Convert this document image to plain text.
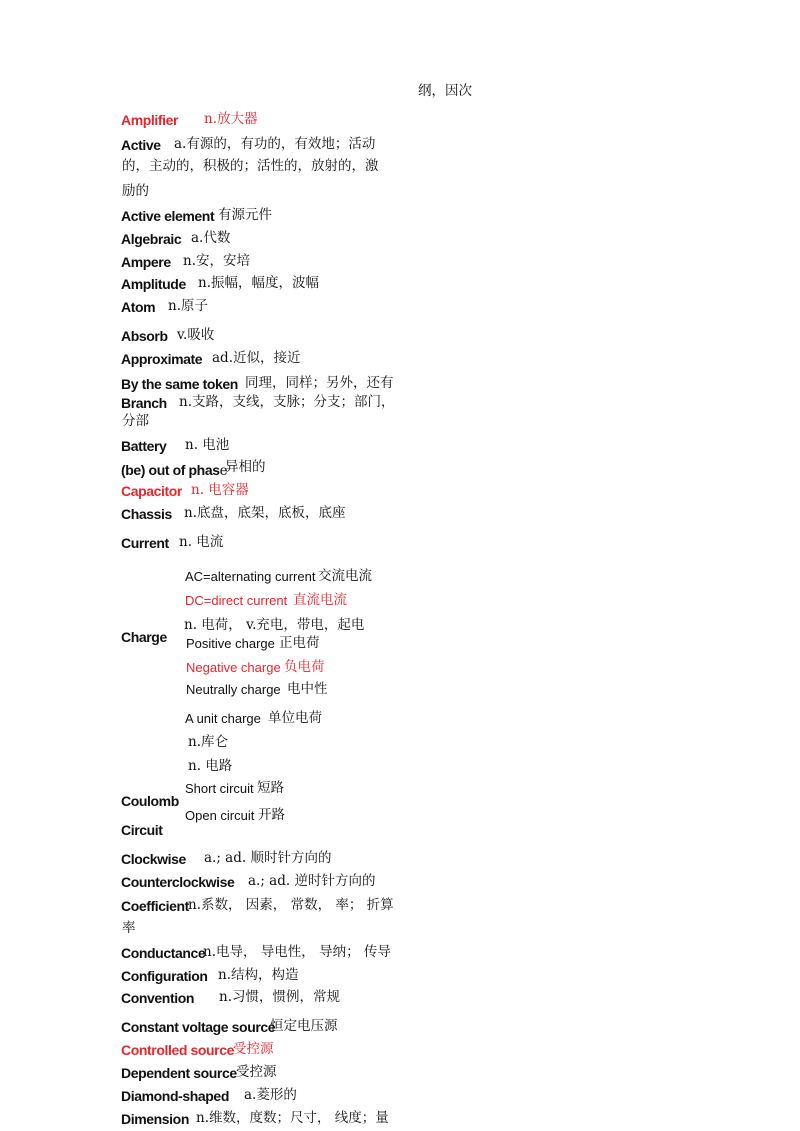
纲，因次
Amplifier n.放大器
Active a.有源的，有功的，有效地；活动
的，主动的，积极的；活性的，放射的，激
励的
Active element 有源元件
Algebraic a.代数
Ampere n.安，安培
Amplitude n.振幅，幅度，波幅
Atom n.原子
Absorb v.吸收
Approximate ad.近似，接近
By the same token 同理，同样；另外，还有
Branch n.支路，支线，支脉；分支；部门，
分部
Battery n. 电池
(be) out of phase
异相的
Capacitor n. 电容器
Chassis n.底盘，底架，底板，底座
Current n. 电流
AC=alternating current 交流电流
DC=direct current 直流电流
Charge
n. 电荷， v.充电，带电，起电
Positive charge 正电荷
Negative charge 负电荷
Neutrally charge 电中性
A unit charge 单位电荷
n.库仑
n. 电路
Short circuit 短路
Open circuit 开路
Coulomb
Circuit
Clockwise a.; ad. 顺时针方向的
Counterclockwise a.; ad. 逆时针方向的
Coefficient n.系数， 因素， 常数， 率； 折算
率
Conductance
n.电导， 导电性， 导纳； 传导
Configuration n.结构，构造
Convention n.习惯，惯例，常规
Constant voltage source
恒定电压源
Controlled source 受控源
Dependent source 受控源
Diamond-shaped a.菱形的
Dimension n.维数，度数；尺寸， 线度；量
